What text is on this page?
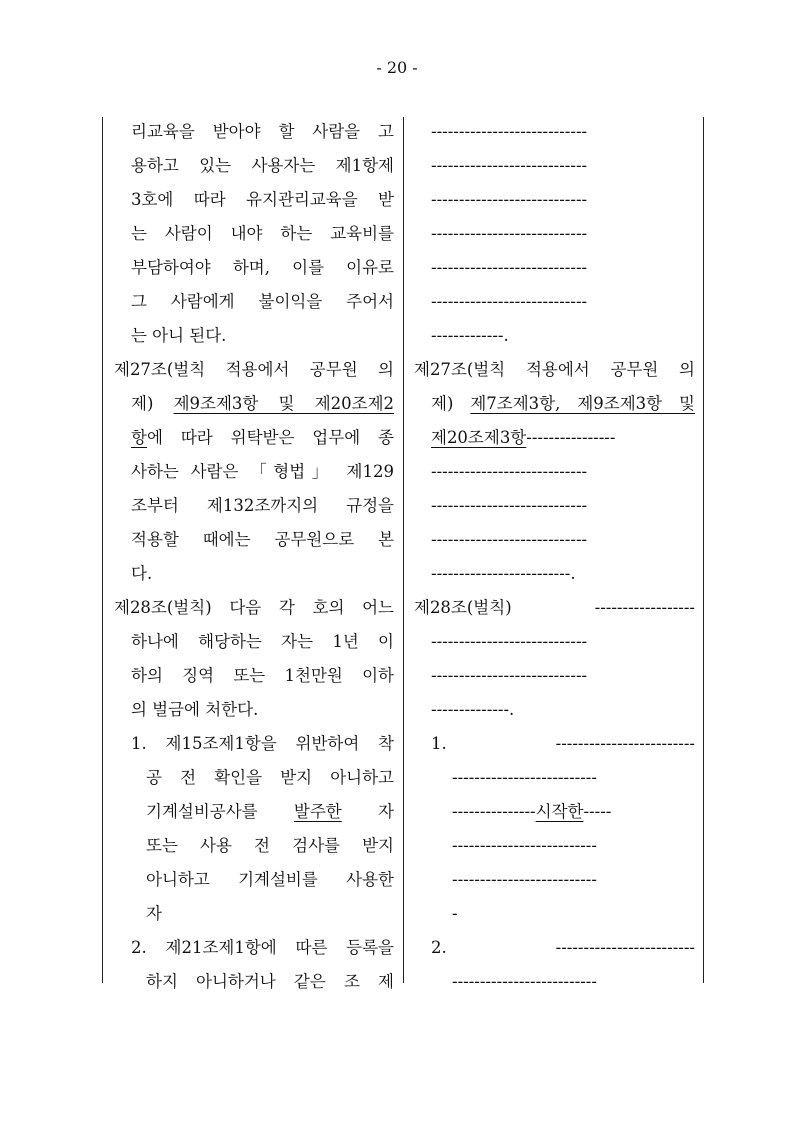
- 20 -
리교육을 받아야 할 사람을 고
용하고 있는 사용자는 제1항제
3호에 따라 유지관리교육을 받
는 사람이 내야 하는 교육비를
부담하여야 하며, 이를 이유로
그 사람에게 불이익을 주어서
는 아니 된다.
제27조(벌칙 적용에서 공무원 의
제) 제9조제3항 및 제20조제2
항에 따라 위탁받은 업무에 종
사하는 사람은 「형법」 제129
조부터 제132조까지의 규정을
적용할 때에는 공무원으로 본
다.
제28조(벌칙) 다음 각 호의 어느
하나에 해당하는 자는 1년 이
하의 징역 또는 1천만원 이하
의 벌금에 처한다.
1. 제15조제1항을 위반하여 착
공 전 확인을 받지 아니하고
기계설비공사를 발주한 자
또는 사용 전 검사를 받지
아니하고 기계설비를 사용한
자
2. 제21조제1항에 따른 등록을
하지 아니하거나 같은 조 제
----------------------------
----------------------------
----------------------------
----------------------------
----------------------------
----------------------------
-------------.
제27조(벌칙 적용에서 공무원 의
제) 제7조제3항, 제9조제3항 및
제20조제3항----------------
----------------------------
----------------------------
----------------------------
-------------------------.
제28조(벌칙) ------------------
----------------------------
----------------------------
--------------.
1. -------------------------
--------------------------
---------------시작한-----
--------------------------
--------------------------
-
2. -------------------------
--------------------------
